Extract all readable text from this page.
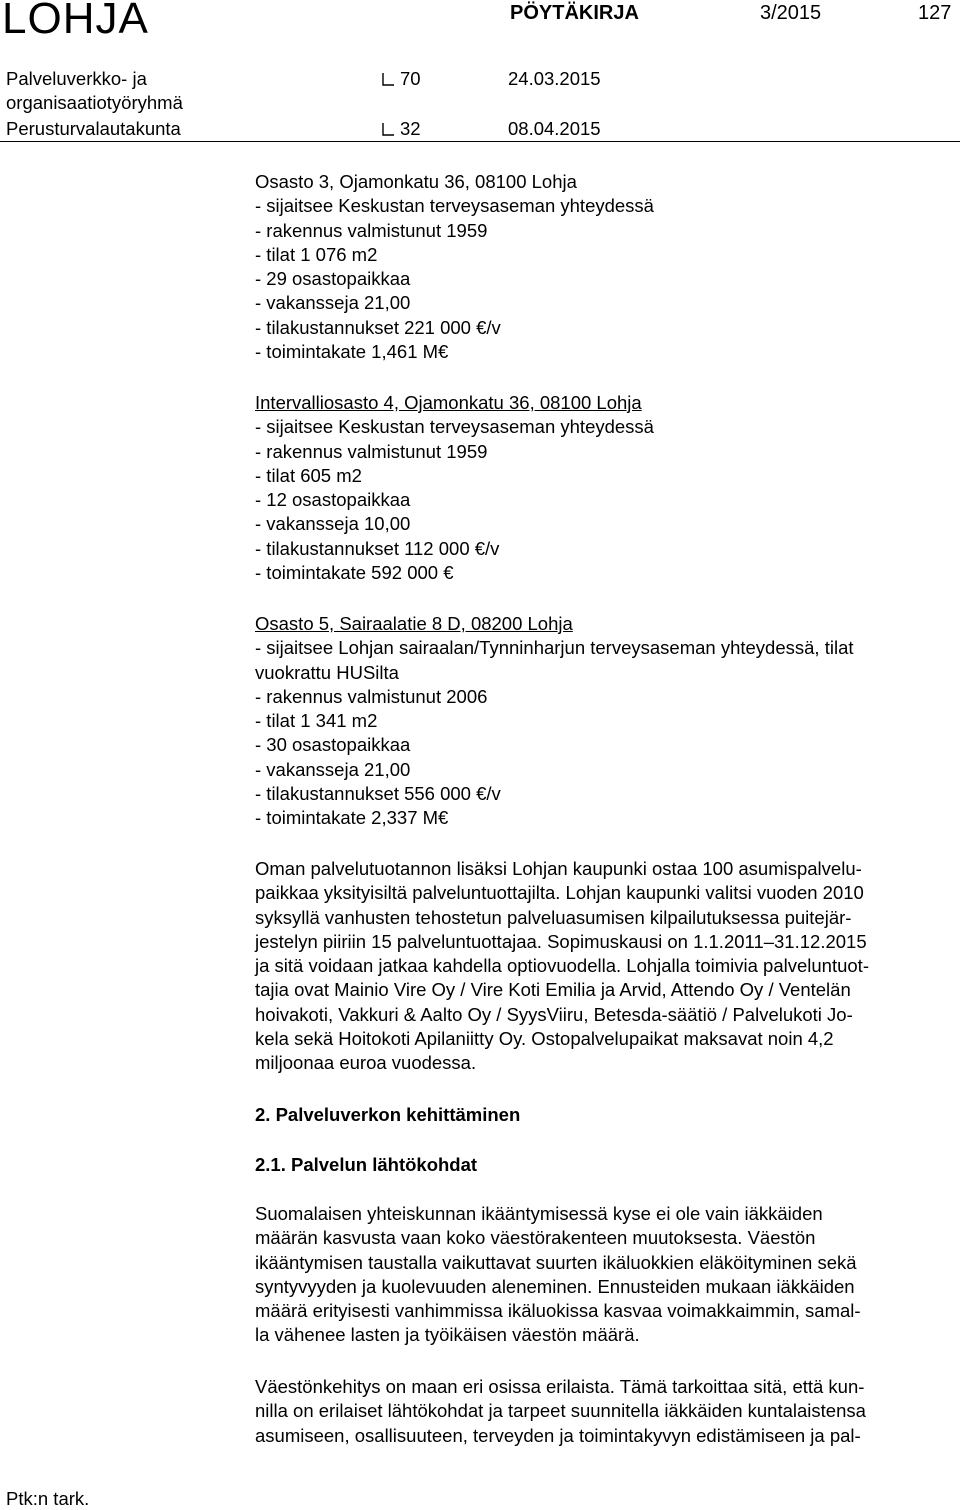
LOHJA	PÖYTÄKIRJA	3/2015	127
Palveluverkko- ja
organisaatiotyöryhmä
70	24.03.2015
Perusturvalautakunta	32	08.04.2015
Osasto 3, Ojamonkatu 36, 08100 Lohja
- sijaitsee Keskustan terveysaseman yhteydessä
- rakennus valmistunut 1959
- tilat 1 076 m2
- 29 osastopaikkaa
- vakansseja 21,00
- tilakustannukset 221 000 €/v
- toimintakate 1,461 M€
Intervalliosasto 4, Ojamonkatu 36, 08100 Lohja
- sijaitsee Keskustan terveysaseman yhteydessä
- rakennus valmistunut 1959
- tilat 605 m2
- 12 osastopaikkaa
- vakansseja 10,00
- tilakustannukset 112 000 €/v
- toimintakate 592 000 €
Osasto 5, Sairaalatie 8 D, 08200 Lohja
- sijaitsee Lohjan sairaalan/Tynninharjun terveysaseman yhteydessä, tilat
vuokrattu HUSilta
- rakennus valmistunut 2006
- tilat 1 341 m2
- 30 osastopaikkaa
- vakansseja 21,00
- tilakustannukset 556 000 €/v
- toimintakate 2,337 M€
Oman palvelutuotannon lisäksi Lohjan kaupunki ostaa 100 asumispalvelu-
paikkaa yksityisiltä palveluntuottajilta. Lohjan kaupunki valitsi vuoden 2010
syksyllä vanhusten tehostetun palveluasumisen kilpailutuksessa puitejär-
jestelyn piiriin 15 palveluntuottajaa. Sopimuskausi on 1.1.2011–31.12.2015
ja sitä voidaan jatkaa kahdella optiovuodella. Lohjalla toimivia palveluntuot-
tajia ovat Mainio Vire Oy / Vire Koti Emilia ja Arvid, Attendo Oy / Ventelän
hoivakoti, Vakkuri & Aalto Oy / SyysViiru, Betesda-säätiö / Palvelukoti Jo-
kela sekä Hoitokoti Apilaniitty Oy. Ostopalvelupaikat maksavat noin 4,2
miljoonaa euroa vuodessa.
2. Palveluverkon kehittäminen
2.1. Palvelun lähtökohdat
Suomalaisen yhteiskunnan ikääntymisessä kyse ei ole vain iäkkäiden
määrän kasvusta vaan koko väestörakenteen muutoksesta. Väestön
ikääntymisen taustalla vaikuttavat suurten ikäluokkien eläköityminen sekä
syntyvyyden ja kuolevuuden aleneminen. Ennusteiden mukaan iäkkäiden
määrä erityisesti vanhimmissa ikäluokissa kasvaa voimakkaimmin, samal-
la vähenee lasten ja työikäisen väestön määrä.
Väestönkehitys on maan eri osissa erilaista. Tämä tarkoittaa sitä, että kun-
nilla on erilaiset lähtökohdat ja tarpeet suunnitella iäkkäiden kuntalaistensa
asumiseen, osallisuuteen, terveyden ja toimintakyvyn edistämiseen ja pal-
Ptk:n tark.
